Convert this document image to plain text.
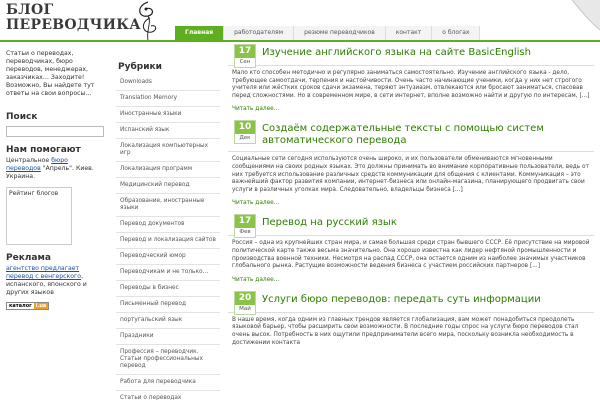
БЛОГ
ПЕРЕВОДЧИКА	Главная	работодателям	резюме переводчиков	контакт	о блогах
Статьи о переводах, переводчиках, бюро переводов, менеджерах, заказчиках… Заходите! Возможно, Вы найдете тут ответы на свои вопросы…
Поиск
Нам помогают
Центральное бюро переводов "Апрель". Киев. Украина.
Рейтинг блогов
Реклама
агентство предлагает перевод с венгерского, испанского, японского и других языков
каталог i.ua
Рубрики
Downloads
Translation Memory
Иностранные языки
Испанский язык
Локализация компьютерных игр
Локализация программ
Медицинский перевод
Образование, иностранные языки
Перевод документов
Перевод и локализация сайтов
Переводческий юмор
Переводчикам и не только…
Переводы в бизнес
Письменный перевод
португальский язык
Праздники
Профессия – переводчик. Статьи профессиональных перевод
Работа для переводчика
Статьи о переводах
17
Сен
Изучение английского языка на сайте BasicEnglish
Мало кто способен методично и регулярно заниматься самостоятельно. Изучение английского языка - дело, требующее самоотдачи, терпения и настойчивости. Очень часто начинающие ученики, когда у них нет строгого учителя или жёстких сроков сдачи экзамена, теряют энтузиазм, отвлекаются или бросают заниматься, спасовав перед сложностями. Но в современном мире, в сети интернет, вполне возможно найти и другую по интересам, [...]
Читать далее...
10
Дек
Создаём содержательные тексты с помощью систем автоматического перевода
Социальные сети сегодня используются очень широко, и их пользователи обмениваются мгновенными сообщениями на своих родных языках. Это должны принимать во внимание корпоративные пользователи, ведь от них требуется использование различных средств коммуникации для общения с клиентами. Коммуникация – это важнейший фактор развития компании, интернет-бизнеса или онлайн-магазина, планирующего продвигать свои услуги в различных уголках мира. Следовательно, владельцы бизнеса [...]
Читать далее...
17
Фев
Перевод на русский язык
Россия – одна из крупнейших стран мира, и самая большая среди стран бывшего СССР. Её присутствие на мировой политической карте также весьма значительно. Она хорошо известна как лидер нефтяной промышленности и производства военной техники. Несмотря на распад СССР, она остается одним из наиболее значимых участников глобального рынка. Растущие возможности ведения бизнеса с участием российских партнеров [...]
Читать далее...
20
Май
Услуги бюро переводов: передать суть информации
В наше время, когда одним из главных трендов является глобализация, вам может понадобиться преодолеть языковой барьер, чтобы расширить свои возможности. В последние годы спрос на услуги бюро переводов стал очень высок. Потребность в них ощутили предприниматели всего мира, поскольку возникла необходимость в достижении контакта
